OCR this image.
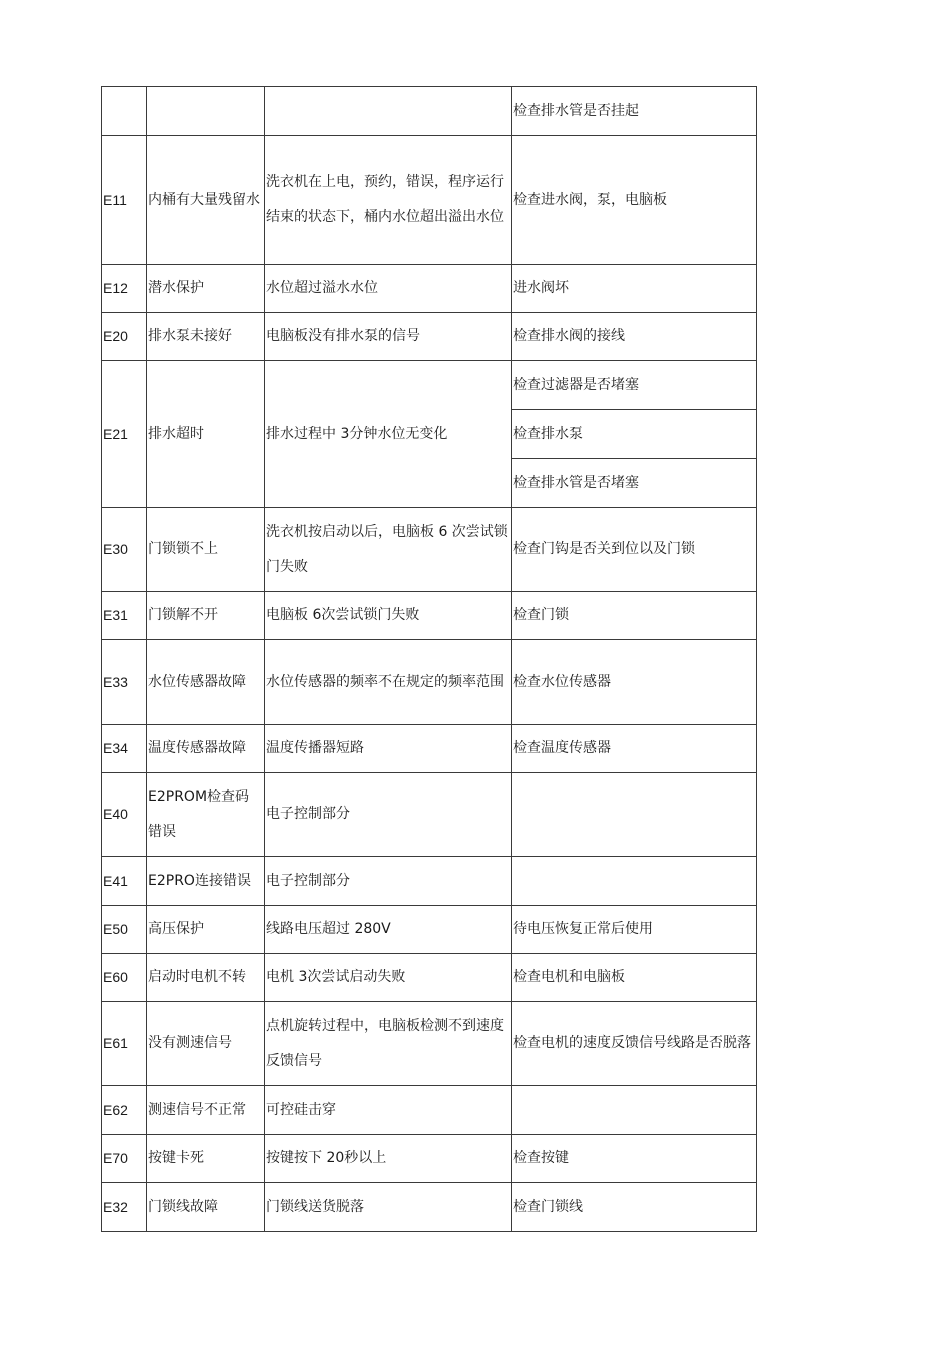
			检查排水管是否挂起
E11	内桶有大量残留水	洗衣机在上电，预约，错误，程序运行结束的状态下，桶内水位超出溢出水位	检查进水阀，泵，电脑板
E12	潜水保护	水位超过溢水水位	进水阀坏
E20	排水泵未接好	电脑板没有排水泵的信号	检查排水阀的接线
E21	排水超时	排水过程中 3分钟水位无变化	检查过滤器是否堵塞
			检查排水泵
			检查排水管是否堵塞
E30	门锁锁不上	洗衣机按启动以后，电脑板 6 次尝试锁门失败	检查门钩是否关到位以及门锁
E31	门锁解不开	电脑板 6次尝试锁门失败	检查门锁
E33	水位传感器故障	水位传感器的频率不在规定的频率范围	检查水位传感器
E34	温度传感器故障	温度传播器短路	检查温度传感器
E40	E2PROM检查码错误	电子控制部分	
E41	E2PRO连接错误	电子控制部分	
E50	高压保护	线路电压超过 280V	待电压恢复正常后使用
E60	启动时电机不转	电机 3次尝试启动失败	检查电机和电脑板
E61	没有测速信号	点机旋转过程中，电脑板检测不到速度反馈信号	检查电机的速度反馈信号线路是否脱落
E62	测速信号不正常	可控硅击穿	
E70	按键卡死	按键按下 20秒以上	检查按键
E32	门锁线故障	门锁线送货脱落	检查门锁线
